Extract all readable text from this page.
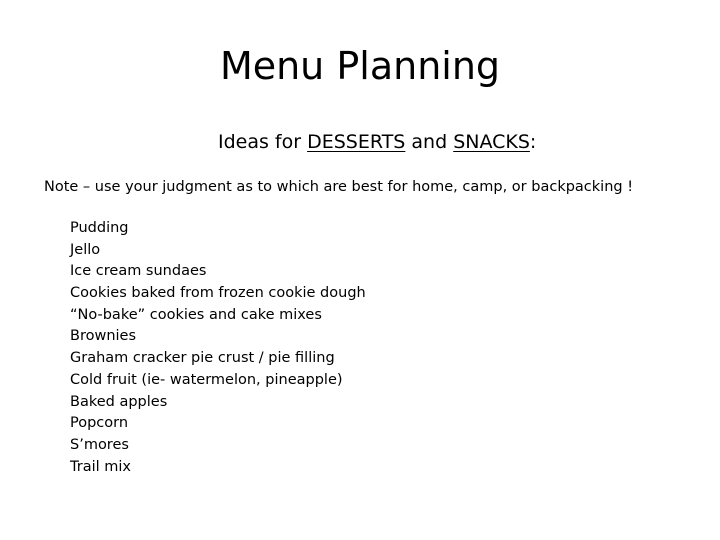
Menu Planning

Ideas for DESSERTS and SNACKS:

Note – use your judgment as to which are best for home, camp, or backpacking !

Pudding
Jello
Ice cream sundaes
Cookies baked from frozen cookie dough
“No-bake” cookies and cake mixes
Brownies
Graham cracker pie crust / pie filling
Cold fruit (ie- watermelon, pineapple)
Baked apples
Popcorn
S’mores
Trail mix
